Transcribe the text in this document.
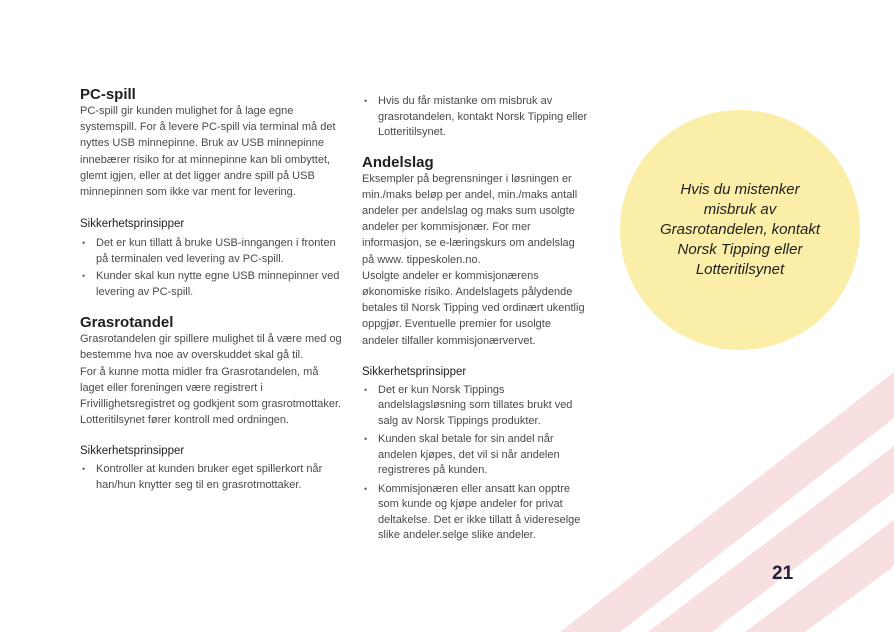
PC-spill

PC-spill gir kunden mulighet for å lage egne systemspill. For å levere PC-spill via terminal må det nyttes USB minnepinne. Bruk av USB minnepinne innebærer risiko for at minnepinne kan bli ombyttet, glemt igjen, eller at det ligger andre spill på USB minnepinnen som ikke var ment for levering.

Sikkerhetsprinsipper
• Det er kun tillatt å bruke USB-inngangen i fronten på terminalen ved levering av PC-spill.
• Kunder skal kun nytte egne USB minnepinner ved levering av PC-spill.
Grasrotandel

Grasrotandelen gir spillere mulighet til å være med og bestemme hva noe av overskuddet skal gå til.

For å kunne motta midler fra Grasrotandelen, må laget eller foreningen være registrert i Frivillighetsregistret og godkjent som grasrotmottaker. Lotteritilsynet fører kontroll med ordningen.

Sikkerhetsprinsipper
• Kontroller at kunden bruker eget spillerkort når han/hun knytter seg til en grasrotmottaker.
• Hvis du får mistanke om misbruk av grasrotandelen, kontakt Norsk Tipping eller Lotteritilsynet.
Andelslag

Eksempler på begrensninger i løsningen er min./maks beløp per andel, min./maks antall andeler per andelslag og maks sum usolgte andeler per kommisjonær. For mer informasjon, se e-læringskurs om andelslag på www. tippeskolen.no.

Usolgte andeler er kommisjonærens økonomiske risiko. Andelslagets pålydende betales til Norsk Tipping ved ordinært ukentlig oppgjør. Eventuelle premier for usolgte andeler tilfaller kommisjonærvervet.

Sikkerhetsprinsipper
• Det er kun Norsk Tippings andelslagsløsning som tillates brukt ved salg av Norsk Tippings produkter.
• Kunden skal betale for sin andel når andelen kjøpes, det vil si når andelen registreres på kunden.
• Kommisjonæren eller ansatt kan opptre som kunde og kjøpe andeler for privat deltakelse. Det er ikke tillatt å videreselge slike andeler.selge slike andeler.
Hvis du mistenker misbruk av Grasrotandelen, kontakt Norsk Tipping eller Lotteritilsynet
21
